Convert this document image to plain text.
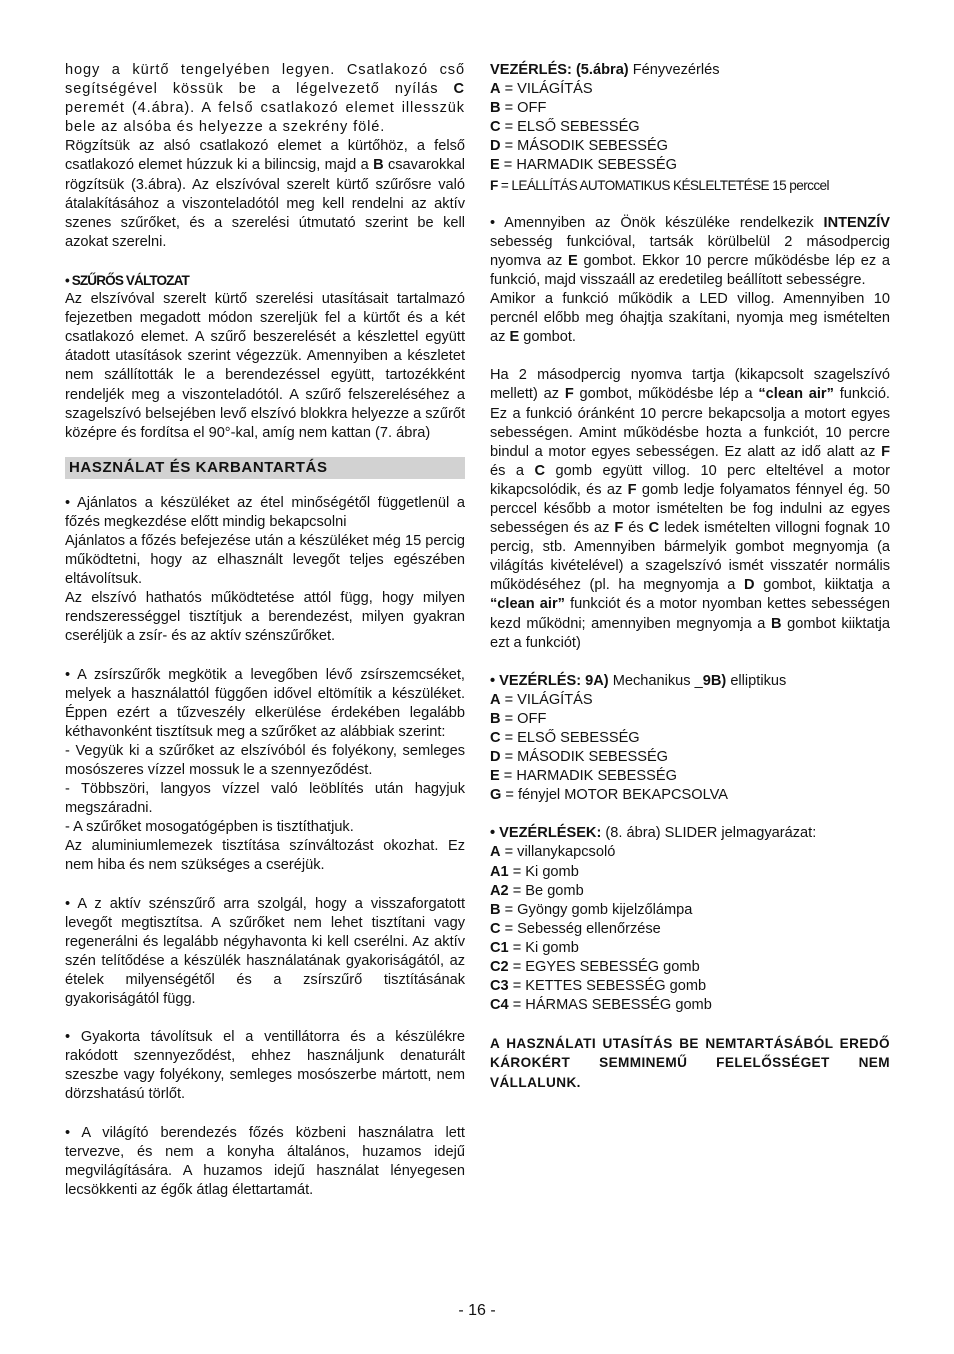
hogy a kürtő tengelyében legyen. Csatlakozó cső segítségével kössük be a légelvezető nyílás C peremét (4.ábra). A felső csatlakozó elemet illesszük bele az alsóba és helyezze a szekrény fölé.
Rögzítsük az alsó csatlakozó elemet a kürtőhöz, a felső csatlakozó elemet húzzuk ki a bilincsig, majd a B csavarokkal rögzítsük (3.ábra). Az elszívóval szerelt kürtő szűrősre való átalakításához a viszonteladótól meg kell rendelni az aktív szenes szűrőket, és a szerelési útmutató szerint be kell azokat szerelni.
• SZŰRŐS VÁLTOZAT
Az elszívóval szerelt kürtő szerelési utasításait tartalmazó fejezetben megadott módon szereljük fel a kürtőt és a két csatlakozó elemet. A szűrő beszerelését a készlettel együtt átadott utasítások szerint végezzük. Amennyiben a készletet nem szállították le a berendezéssel együtt, tartozékként rendeljék meg a viszonteladótól. A szűrő felszereléséhez a szagelszívó belsejében levő elszívó blokkra helyezze a szűrőt középre és fordítsa el 90°-kal, amíg nem kattan (7. ábra)
HASZNÁLAT ÉS KARBANTARTÁS
• Ajánlatos a készüléket az étel minőségétől függetlenül a főzés megkezdése előtt mindig bekapcsolni
Ajánlatos a főzés befejezése után a készüléket még 15 percig működtetni, hogy az elhasznált levegőt teljes egészében eltávolítsuk.
Az elszívó hathatós működtetése attól függ, hogy milyen rendszerességgel tisztítjuk a berendezést, milyen gyakran cseréljük a zsír- és az aktív szénszűrőket.
• A zsírszűrők megkötik a levegőben lévő zsírszemcséket, melyek a használattól függően idővel eltömítik a készüléket. Éppen ezért a tűzveszély elkerülése érdekében legalább kéthavonként tisztítsuk meg a szűrőket az alábbiak szerint:
- Vegyük ki a szűrőket az elszívóból és folyékony, semleges mosószeres vízzel mossuk le a szennyeződést.
- Többszöri, langyos vízzel való leöblítés után hagyjuk megszáradni.
- A szűrőket mosogatógépben is tisztíthatjuk.
Az aluminiumlemezek tisztítása színváltozást okozhat. Ez nem hiba és nem szükséges a cseréjük.
• A z aktív szénszűrő arra szolgál, hogy a visszaforgatott levegőt megtisztítsa. A szűrőket nem lehet tisztítani vagy regenerálni és legalább négyhavonta ki kell cserélni. Az aktív szén telítődése a készülék használatának gyakoriságától, az ételek milyenségétől és a zsírszűrő tisztításának gyakoriságától függ.
• Gyakorta távolítsuk el a ventillátorra és a készülékre rakódott szennyeződést, ehhez használjunk denaturált szeszbe vagy folyékony, semleges mosószerbe mártott, nem dörzshatású törlőt.
• A világító berendezés főzés közbeni használatra lett tervezve, és nem a konyha általános, huzamos idejű megvilágítására. A huzamos idejű használat lényegesen lecsökkenti az égők átlag élettartamát.
VEZÉRLÉS: (5.ábra) Fényvezérlés
A = VILÁGÍTÁS
B = OFF
C = ELSŐ SEBESSÉG
D = MÁSODIK SEBESSÉG
E = HARMADIK SEBESSÉG
F = LEÁLLÍTÁS AUTOMATIKUS KÉSLELTETÉSE 15 perccel
• Amennyiben az Önök készüléke rendelkezik INTENZÍV sebesség funkcióval, tartsák körülbelül 2 másodpercig nyomva az E gombot. Ekkor 10 percre működésbe lép ez a funkció, majd visszaáll az eredetileg beállított sebességre.
Amikor a funkció működik a LED villog. Amennyiben 10 percnél előbb meg óhajtja szakítani, nyomja meg ismételten az E gombot.
Ha 2 másodpercig nyomva tartja (kikapcsolt szagelszívó mellett) az F gombot, működésbe lép a “clean air” funkció. Ez a funkció óránként 10 percre bekapcsolja a motort egyes sebességen. Amint működésbe hozta a funkciót, 10 percre bindul a motor egyes sebességen. Ez alatt az idő alatt az F és a C gomb együtt villog. 10 perc elteltével a motor kikapcsolódik, és az F gomb ledje folyamatos fénnyel ég. 50 perccel később a motor ismételten be fog indulni az egyes sebességen és az F és C ledek ismételten villogni fognak 10 percig, stb. Amennyiben bármelyik gombot megnyomja (a világítás kivételével) a szagelszívó ismét visszatér normális működéséhez (pl. ha megnyomja a D gombot, kiiktatja a “clean air” funkciót és a motor nyomban kettes sebességen kezd működni; amennyiben megnyomja a B gombot kiiktatja ezt a funkciót)
• VEZÉRLÉS: 9A) Mechanikus _9B) elliptikus
A = VILÁGÍTÁS
B = OFF
C = ELSŐ SEBESSÉG
D = MÁSODIK SEBESSÉG
E = HARMADIK SEBESSÉG
G = fényjel MOTOR BEKAPCSOLVA
• VEZÉRLÉSEK: (8. ábra) SLIDER jelmagyarázat:
A = villanykapcsoló
A1 = Ki gomb
A2 = Be gomb
B = Gyöngy gomb kijelzőlámpa
C = Sebesség ellenőrzése
C1 = Ki gomb
C2 = EGYES SEBESSÉG gomb
C3 = KETTES SEBESSÉG gomb
C4 = HÁRMAS SEBESSÉG gomb
A HASZNÁLATI UTASÍTÁS BE NEMTARTÁSÁBÓL EREDŐ KÁROKÉRT SEMMINEMŰ FELELŐSSÉGET NEM VÁLLALUNK.
- 16 -
